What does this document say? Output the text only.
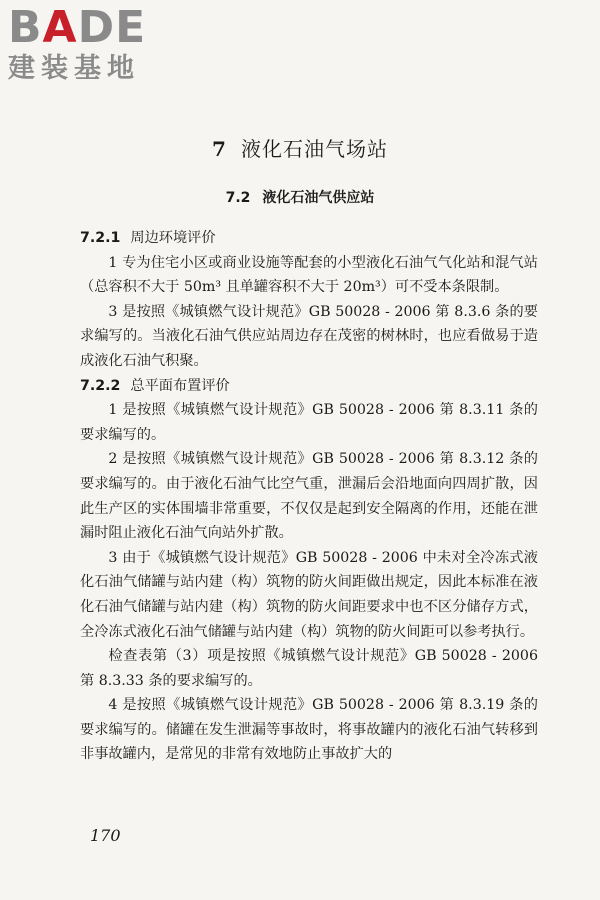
BADE
建装基地
7 液化石油气场站
7.2 液化石油气供应站
7.2.1 周边环境评价
1 专为住宅小区或商业设施等配套的小型液化石油气气化站和混气站（总容积不大于 50m³ 且单罐容积不大于 20m³）可不受本条限制。
3 是按照《城镇燃气设计规范》GB 50028 - 2006 第 8.3.6 条的要求编写的。当液化石油气供应站周边存在茂密的树林时，也应看做易于造成液化石油气积聚。
7.2.2 总平面布置评价
1 是按照《城镇燃气设计规范》GB 50028 - 2006 第 8.3.11 条的要求编写的。
2 是按照《城镇燃气设计规范》GB 50028 - 2006 第 8.3.12 条的要求编写的。由于液化石油气比空气重，泄漏后会沿地面向四周扩散，因此生产区的实体围墙非常重要，不仅仅是起到安全隔离的作用，还能在泄漏时阻止液化石油气向站外扩散。
3 由于《城镇燃气设计规范》GB 50028 - 2006 中未对全冷冻式液化石油气储罐与站内建（构）筑物的防火间距做出规定，因此本标准在液化石油气储罐与站内建（构）筑物的防火间距要求中也不区分储存方式，全冷冻式液化石油气储罐与站内建（构）筑物的防火间距可以参考执行。
检查表第（3）项是按照《城镇燃气设计规范》GB 50028 - 2006 第 8.3.33 条的要求编写的。
4 是按照《城镇燃气设计规范》GB 50028 - 2006 第 8.3.19 条的要求编写的。储罐在发生泄漏等事故时，将事故罐内的液化石油气转移到非事故罐内，是常见的非常有效地防止事故扩大的
170
